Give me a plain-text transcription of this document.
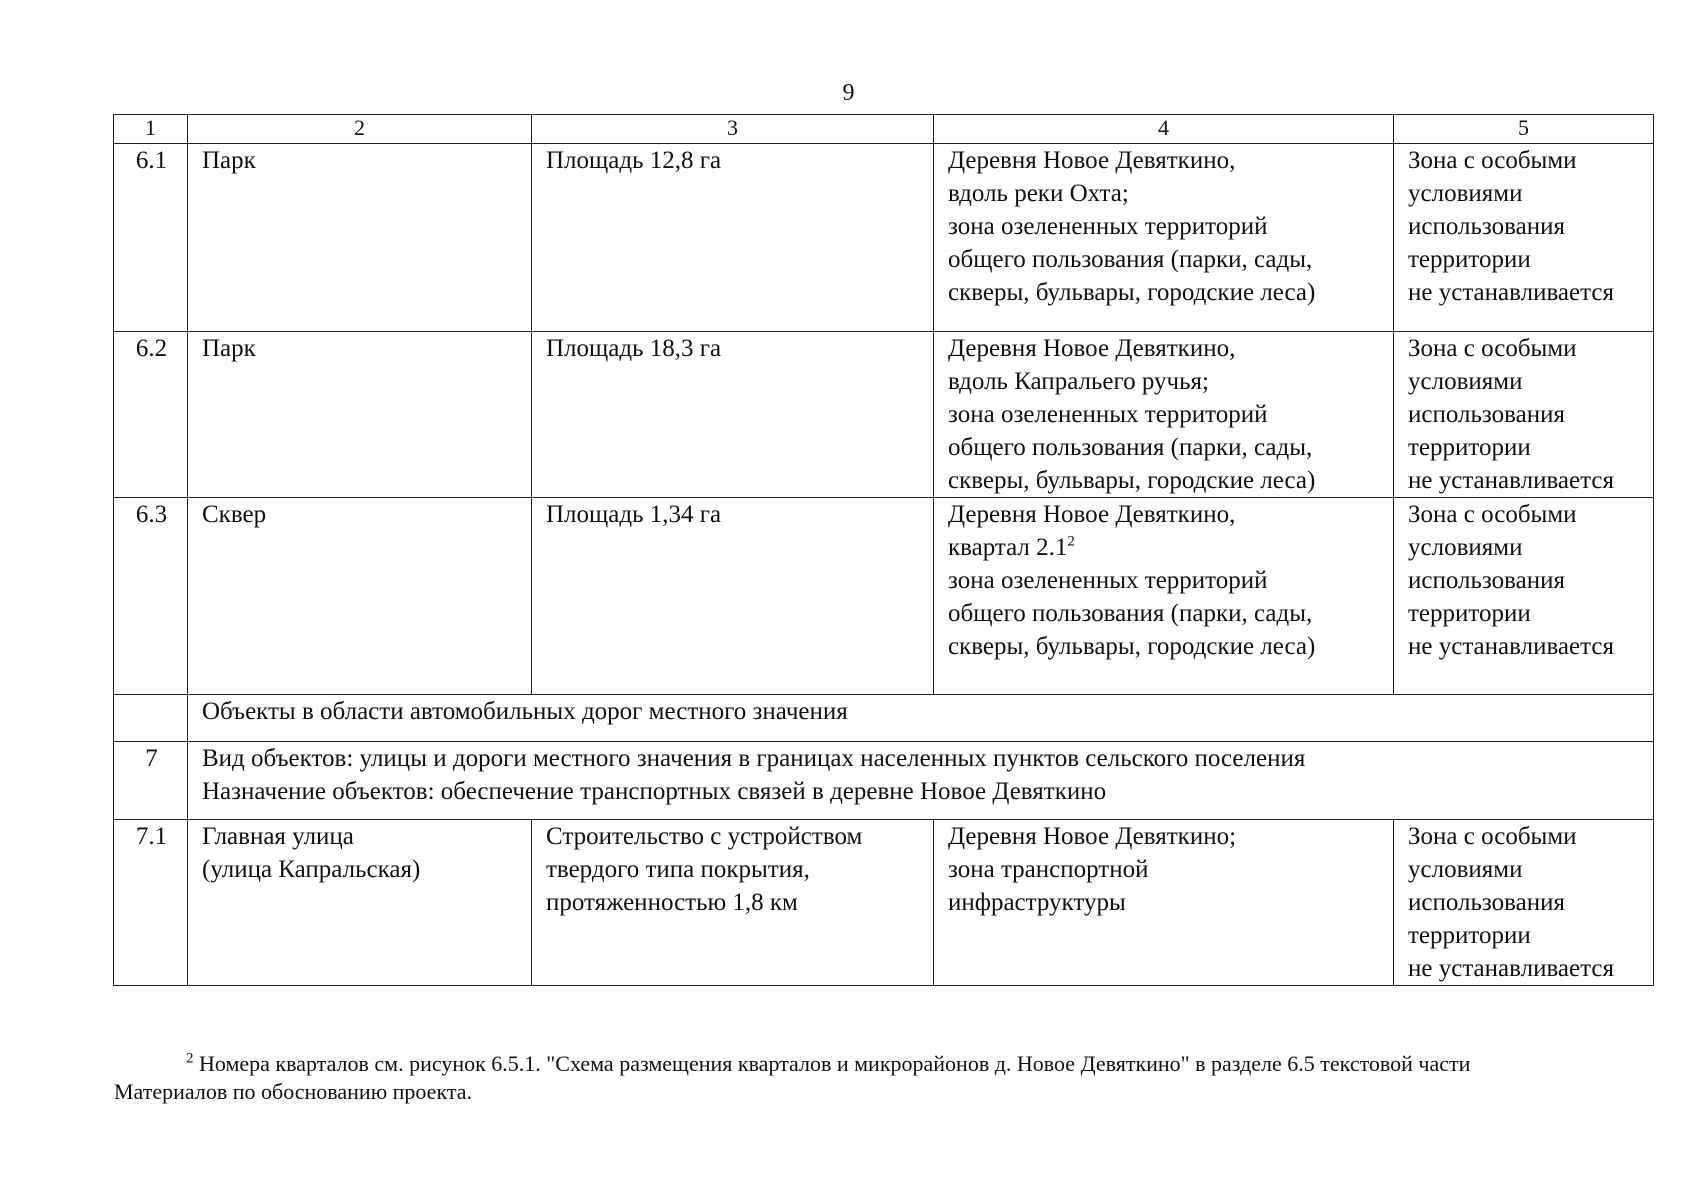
9
1	2	3	4	5
6.1	Парк	Площадь 12,8 га	Деревня Новое Девяткино,
вдоль реки Охта;
зона озелененных территорий
общего пользования (парки, сады,
скверы, бульвары, городские леса)	Зона с особыми
условиями
использования
территории
не устанавливается

6.2	Парк	Площадь 18,3 га	Деревня Новое Девяткино,
вдоль Капральего ручья;
зона озелененных территорий
общего пользования (парки, сады,
скверы, бульвары, городские леса)	Зона с особыми
условиями
использования
территории
не устанавливается

6.3	Сквер	Площадь 1,34 га	Деревня Новое Девяткино,
квартал $2.1^2$
зона озелененных территорий
общего пользования (парки, сады,
скверы, бульвары, городские леса)	Зона с особыми
условиями
использования
территории
не устанавливается

	Объекты в области автомобильных дорог местного значения			
7	Вид объектов: улицы и дороги местного значения в границах населенных пунктов сельского поселения
Назначение объектов: обеспечение транспортных связей в деревне Новое Девяткино			

7.1	Главная улица
(улица Капральская)	Строительство с устройством
твердого типа покрытия,
протяженностью 1,8 км	Деревня Новое Девяткино;
зона транспортной
инфраструктуры	Зона с особыми
условиями
использования
территории
не устанавливается
$^2$ Номера кварталов см. рисунок 6.5.1. "Схема размещения кварталов и микрорайонов д. Новое Девяткино" в разделе 6.5 текстовой части
Материалов по обоснованию проекта.
